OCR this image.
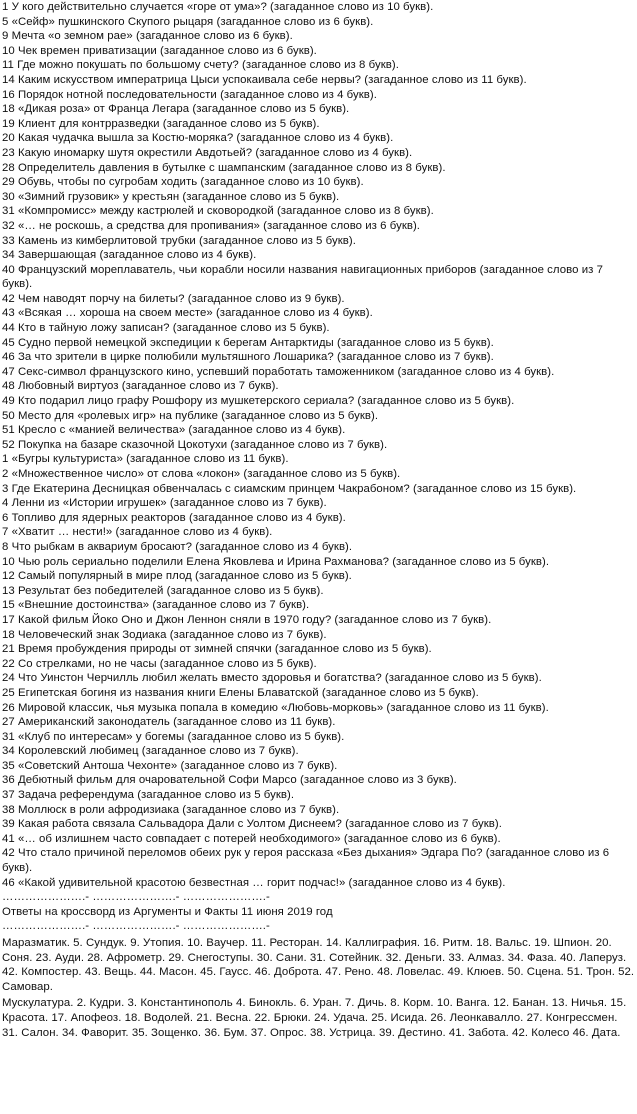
1 У кого действительно случается «горе от ума»? (загаданное слово из 10 букв).
5 «Сейф» пушкинского Скупого рыцаря (загаданное слово из 6 букв).
9 Мечта «о земном рае» (загаданное слово из 6 букв).
10 Чек времен приватизации (загаданное слово из 6 букв).
11 Где можно покушать по большому счету? (загаданное слово из 8 букв).
14 Каким искусством императрица Цыси успокаивала себе нервы? (загаданное слово из 11 букв).
16 Порядок нотной последовательности (загаданное слово из 4 букв).
18 «Дикая роза» от Франца Легара (загаданное слово из 5 букв).
19 Клиент для контрразведки (загаданное слово из 5 букв).
20 Какая чудачка вышла за Костю-моряка? (загаданное слово из 4 букв).
23 Какую иномарку шутя окрестили Авдотьей? (загаданное слово из 4 букв).
28 Определитель давления в бутылке с шампанским (загаданное слово из 8 букв).
29 Обувь, чтобы по сугробам ходить (загаданное слово из 10 букв).
30 «Зимний грузовик» у крестьян (загаданное слово из 5 букв).
31 «Компромисс» между кастрюлей и сковородкой (загаданное слово из 8 букв).
32 «… не роскошь, а средства для пропивания» (загаданное слово из 6 букв).
33 Камень из кимберлитовой трубки (загаданное слово из 5 букв).
34 Завершающая (загаданное слово из 4 букв).
40 Французский мореплаватель, чьи корабли носили названия навигационных приборов (загаданное слово из 7 букв).
42 Чем наводят порчу на билеты? (загаданное слово из 9 букв).
43 «Всякая … хороша на своем месте» (загаданное слово из 4 букв).
44 Кто в тайную ложу записан? (загаданное слово из 5 букв).
45 Судно первой немецкой экспедиции к берегам Антарктиды (загаданное слово из 5 букв).
46 За что зрители в цирке полюбили мультяшного Лошарика? (загаданное слово из 7 букв).
47 Секс-символ французского кино, успевший поработать таможенником (загаданное слово из 4 букв).
48 Любовный виртуоз (загаданное слово из 7 букв).
49 Кто подарил лицо графу Рошфору из мушкетерского сериала? (загаданное слово из 5 букв).
50 Место для «ролевых игр» на публике (загаданное слово из 5 букв).
51 Кресло с «манией величества» (загаданное слово из 4 букв).
52 Покупка на базаре сказочной Цокотухи (загаданное слово из 7 букв).
1 «Бугры культуриста» (загаданное слово из 11 букв).
2 «Множественное число» от слова «локон» (загаданное слово из 5 букв).
3 Где Екатерина Десницкая обвенчалась с сиамским принцем Чакрабоном? (загаданное слово из 15 букв).
4 Ленни из «Истории игрушек» (загаданное слово из 7 букв).
6 Топливо для ядерных реакторов (загаданное слово из 4 букв).
7 «Хватит … нести!» (загаданное слово из 4 букв).
8 Что рыбкам в аквариум бросают? (загаданное слово из 4 букв).
10 Чью роль сериально поделили Елена Яковлева и Ирина Рахманова? (загаданное слово из 5 букв).
12 Самый популярный в мире плод (загаданное слово из 5 букв).
13 Результат без победителей (загаданное слово из 5 букв).
15 «Внешние достоинства» (загаданное слово из 7 букв).
17 Какой фильм Йоко Оно и Джон Леннон сняли в 1970 году? (загаданное слово из 7 букв).
18 Человеческий знак Зодиака (загаданное слово из 7 букв).
21 Время пробуждения природы от зимней спячки (загаданное слово из 5 букв).
22 Со стрелками, но не часы (загаданное слово из 5 букв).
24 Что Уинстон Черчилль любил желать вместо здоровья и богатства? (загаданное слово из 5 букв).
25 Египетская богиня из названия книги Елены Блаватской (загаданное слово из 5 букв).
26 Мировой классик, чья музыка попала в комедию «Любовь-морковь» (загаданное слово из 11 букв).
27 Американский законодатель (загаданное слово из 11 букв).
31 «Клуб по интересам» у богемы (загаданное слово из 5 букв).
34 Королевский любимец (загаданное слово из 7 букв).
35 «Советский Антоша Чехонте» (загаданное слово из 7 букв).
36 Дебютный фильм для очаровательной Софи Марсо (загаданное слово из 3 букв).
37 Задача референдума (загаданное слово из 5 букв).
38 Моллюск в роли афродизиака (загаданное слово из 7 букв).
39 Какая работа связала Сальвадора Дали с Уолтом Диснеем? (загаданное слово из 7 букв).
41 «… об излишнем часто совпадает с потерей необходимого» (загаданное слово из 6 букв).
42 Что стало причиной переломов обеих рук у героя рассказа «Без дыхания» Эдгара По? (загаданное слово из 6 букв).
46 «Какой удивительной красотою безвестная … горит подчас!» (загаданное слово из 4 букв).
………………….- ………………….- ………………….-
Ответы на кроссворд из Аргументы и Факты 11 июня 2019 год
………………….- ………………….- ………………….-
Маразматик. 5. Сундук. 9. Утопия. 10. Ваучер. 11. Ресторан. 14. Каллиграфия. 16. Ритм. 18. Вальс. 19. Шпион. 20. Соня. 23. Ауди. 28. Афрометр. 29. Снегоступы. 30. Сани. 31. Сотейник. 32. Деньги. 33. Алмаз. 34. Фаза. 40. Лаперуз. 42. Компостер. 43. Вещь. 44. Масон. 45. Гаусс. 46. Доброта. 47. Рено. 48. Ловелас. 49. Клюев. 50. Сцена. 51. Трон. 52. Самовар.
Мускулатура. 2. Кудри. 3. Константинополь 4. Бинокль. 6. Уран. 7. Дичь. 8. Корм. 10. Ванга. 12. Банан. 13. Ничья. 15. Красота. 17. Апофеоз. 18. Водолей. 21. Весна. 22. Брюки. 24. Удача. 25. Исида. 26. Леонкавалло. 27. Конгрессмен. 31. Салон. 34. Фаворит. 35. Зощенко. 36. Бум. 37. Опрос. 38. Устрица. 39. Дестино. 41. Забота. 42. Колесо 46. Дата.
